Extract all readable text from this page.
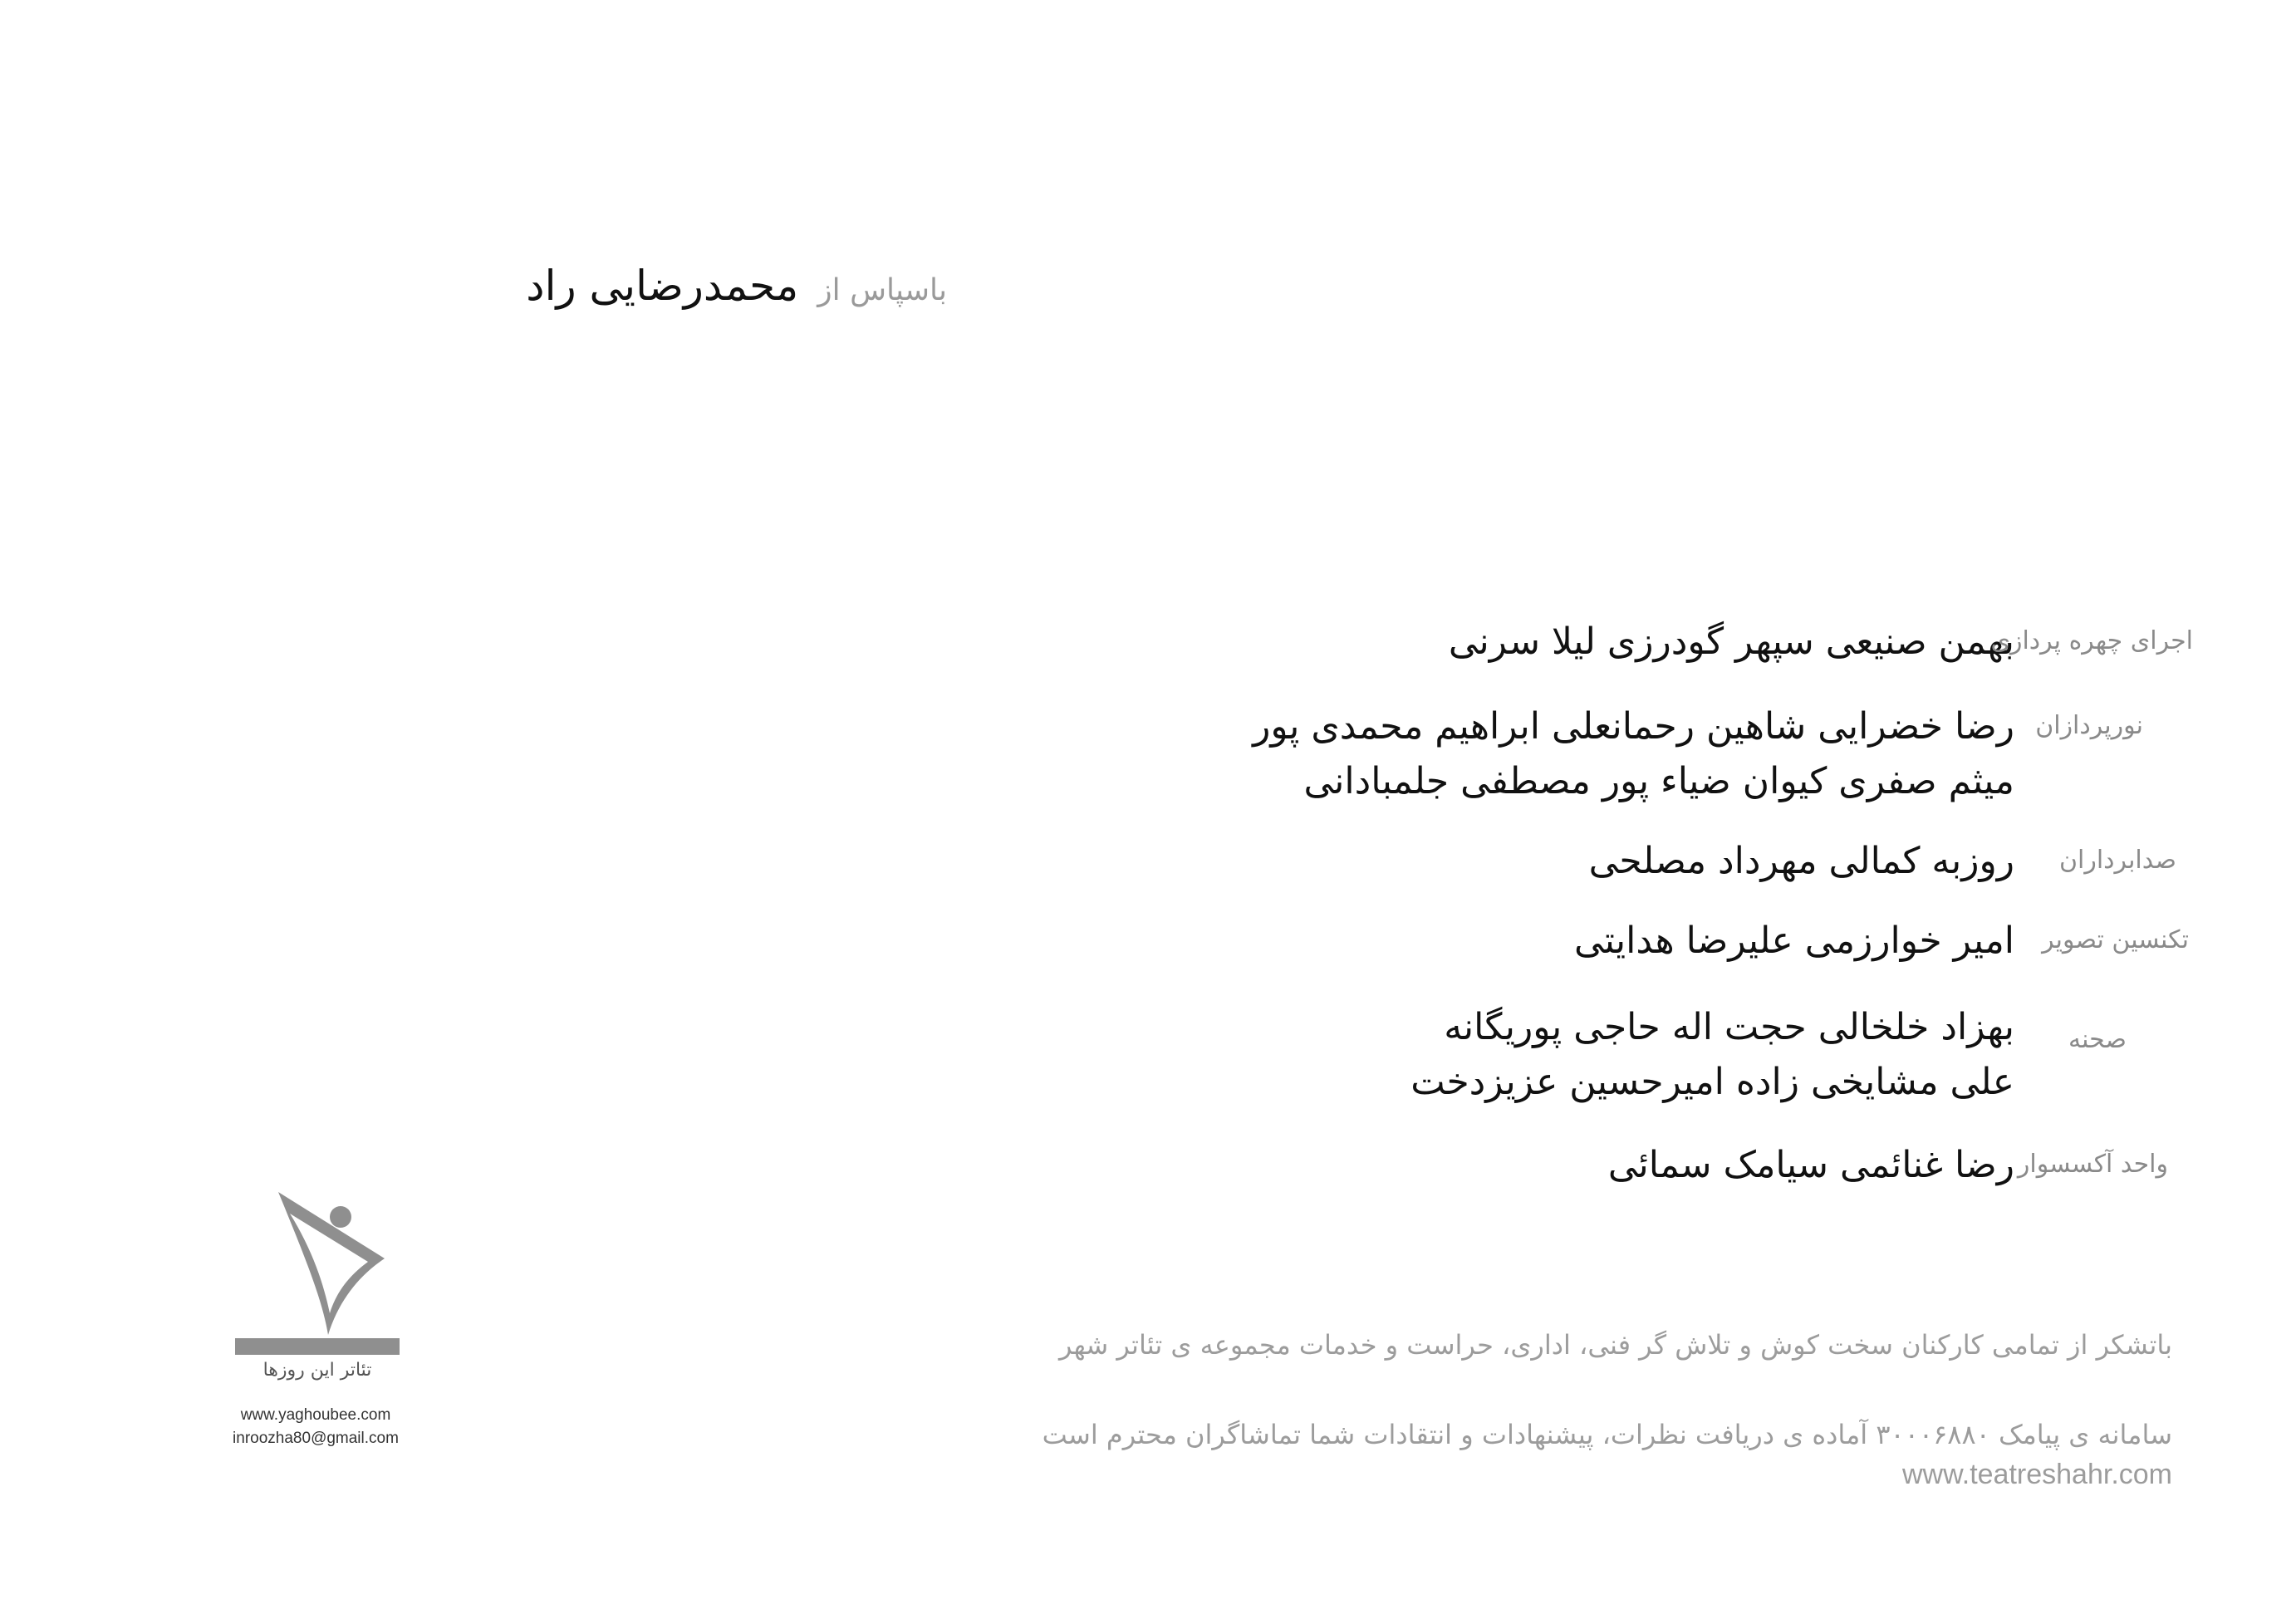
باسپاس از محمدرضایی راد
اجرای چهره پردازی
بهمن صنیعی سپهر گودرزی لیلا سرنی
نورپردازان
رضا خضرایی شاهین رحمانعلی ابراهیم محمدی پور
میثم صفری کیوان ضیاء پور مصطفی جلمبادانی
صدابرداران
روزبه کمالی مهرداد مصلحی
تکنسین تصویر
امیر خوارزمی علیرضا هدایتی
صحنه
بهزاد خلخالی حجت اله حاجی پوریگانه
علی مشایخی زاده امیرحسین عزیزدخت
واحد آکسسوار
رضا غنائمی سیامک سمائی
تئاتر این روزها
www.yaghoubee.com
inroozha80@gmail.com
باتشکر از تمامی کارکنان سخت کوش و تلاش گر فنی، اداری، حراست و خدمات مجموعه ی تئاتر شهر
سامانه ی پیامک ۳۰۰۰۶۸۸۰ آماده ی دریافت نظرات، پیشنهادات و انتقادات شما تماشاگران محترم است
www.teatreshahr.com
